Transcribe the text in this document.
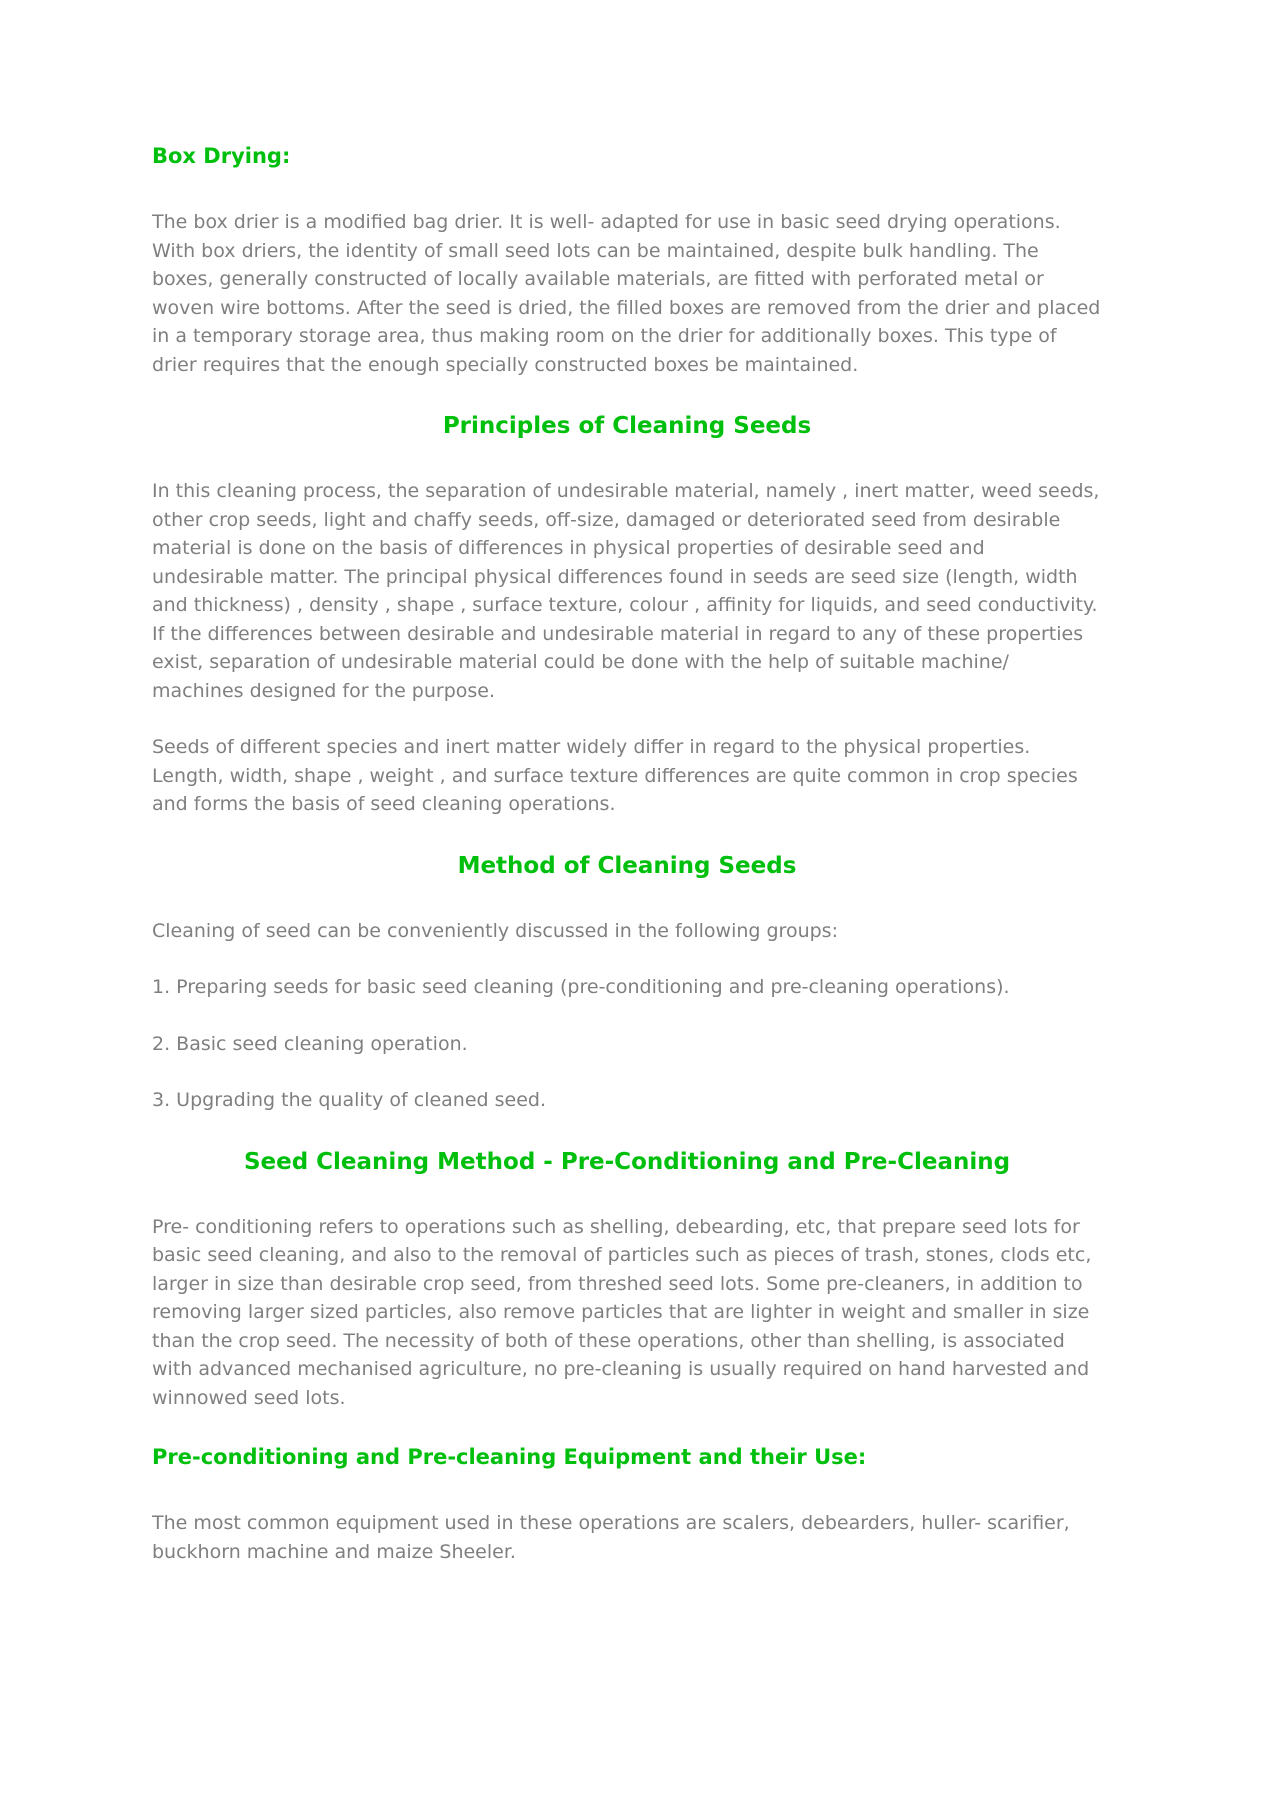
Box Drying:

The box drier is a modified bag drier. It is well- adapted for use in basic seed drying operations. With box driers, the identity of small seed lots can be maintained, despite bulk handling. The boxes, generally constructed of locally available materials, are fitted with perforated metal or woven wire bottoms. After the seed is dried, the filled boxes are removed from the drier and placed in a temporary storage area, thus making room on the drier for additionally boxes. This type of drier requires that the enough specially constructed boxes be maintained.

Principles of Cleaning Seeds

In this cleaning process, the separation of undesirable material, namely , inert matter, weed seeds, other crop seeds, light and chaffy seeds, off-size, damaged or deteriorated seed from desirable material is done on the basis of differences in physical properties of desirable seed and undesirable matter. The principal physical differences found in seeds are seed size (length, width and thickness) , density , shape , surface texture, colour , affinity for liquids, and seed conductivity. If the differences between desirable and undesirable material in regard to any of these properties exist, separation of undesirable material could be done with the help of suitable machine/ machines designed for the purpose.

Seeds of different species and inert matter widely differ in regard to the physical properties. Length, width, shape , weight , and surface texture differences are quite common in crop species and forms the basis of seed cleaning operations.

Method of Cleaning Seeds

Cleaning of seed can be conveniently discussed in the following groups:

1. Preparing seeds for basic seed cleaning (pre-conditioning and pre-cleaning operations).

2. Basic seed cleaning operation.

3. Upgrading the quality of cleaned seed.

Seed Cleaning Method - Pre-Conditioning and Pre-Cleaning

Pre- conditioning refers to operations such as shelling, debearding, etc, that prepare seed lots for basic seed cleaning, and also to the removal of particles such as pieces of trash, stones, clods etc, larger in size than desirable crop seed, from threshed seed lots. Some pre-cleaners, in addition to removing larger sized particles, also remove particles that are lighter in weight and smaller in size than the crop seed. The necessity of both of these operations, other than shelling, is associated with advanced mechanised agriculture, no pre-cleaning is usually required on hand harvested and winnowed seed lots.

Pre-conditioning and Pre-cleaning Equipment and their Use:

The most common equipment used in these operations are scalers, debearders, huller- scarifier, buckhorn machine and maize Sheeler.
